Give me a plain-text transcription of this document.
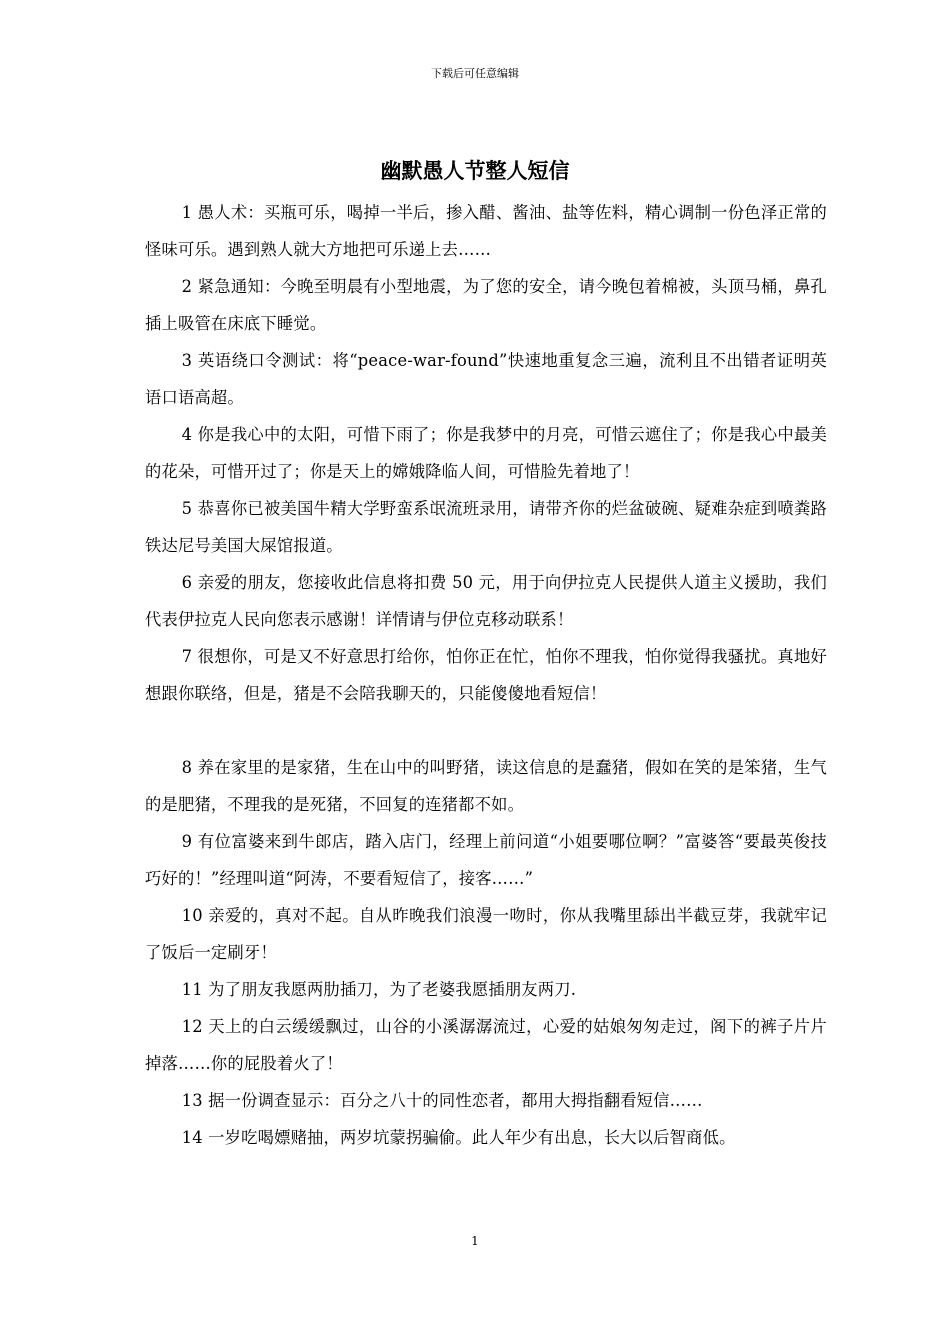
下载后可任意编辑
幽默愚人节整人短信

1 愚人术：买瓶可乐，喝掉一半后，掺入醋、酱油、盐等佐料，精心调制一份色泽正常的怪味可乐。遇到熟人就大方地把可乐递上去……

2 紧急通知：今晚至明晨有小型地震，为了您的安全，请今晚包着棉被，头顶马桶，鼻孔插上吸管在床底下睡觉。

3 英语绕口令测试：将“peace-war-found”快速地重复念三遍，流利且不出错者证明英语口语高超。

4 你是我心中的太阳，可惜下雨了；你是我梦中的月亮，可惜云遮住了；你是我心中最美的花朵，可惜开过了；你是天上的嫦娥降临人间，可惜脸先着地了！

5 恭喜你已被美国牛精大学野蛮系氓流班录用，请带齐你的烂盆破碗、疑难杂症到喷粪路铁达尼号美国大屎馆报道。

6 亲爱的朋友，您接收此信息将扣费 50 元，用于向伊拉克人民提供人道主义援助，我们代表伊拉克人民向您表示感谢！详情请与伊位克移动联系！

7 很想你，可是又不好意思打给你，怕你正在忙，怕你不理我，怕你觉得我骚扰。真地好想跟你联络，但是，猪是不会陪我聊天的，只能傻傻地看短信！

8 养在家里的是家猪，生在山中的叫野猪，读这信息的是蠢猪，假如在笑的是笨猪，生气的是肥猪，不理我的是死猪，不回复的连猪都不如。

9 有位富婆来到牛郎店，踏入店门，经理上前问道“小姐要哪位啊？”富婆答“要最英俊技巧好的！”经理叫道“阿涛，不要看短信了，接客……”

10 亲爱的，真对不起。自从昨晚我们浪漫一吻时，你从我嘴里舔出半截豆芽，我就牢记了饭后一定刷牙！

11 为了朋友我愿两肋插刀，为了老婆我愿插朋友两刀.

12 天上的白云缓缓飘过，山谷的小溪潺潺流过，心爱的姑娘匆匆走过，阁下的裤子片片掉落……你的屁股着火了！

13 据一份调查显示：百分之八十的同性恋者，都用大拇指翻看短信……

14 一岁吃喝嫖赌抽，两岁坑蒙拐骗偷。此人年少有出息，长大以后智商低。

1
